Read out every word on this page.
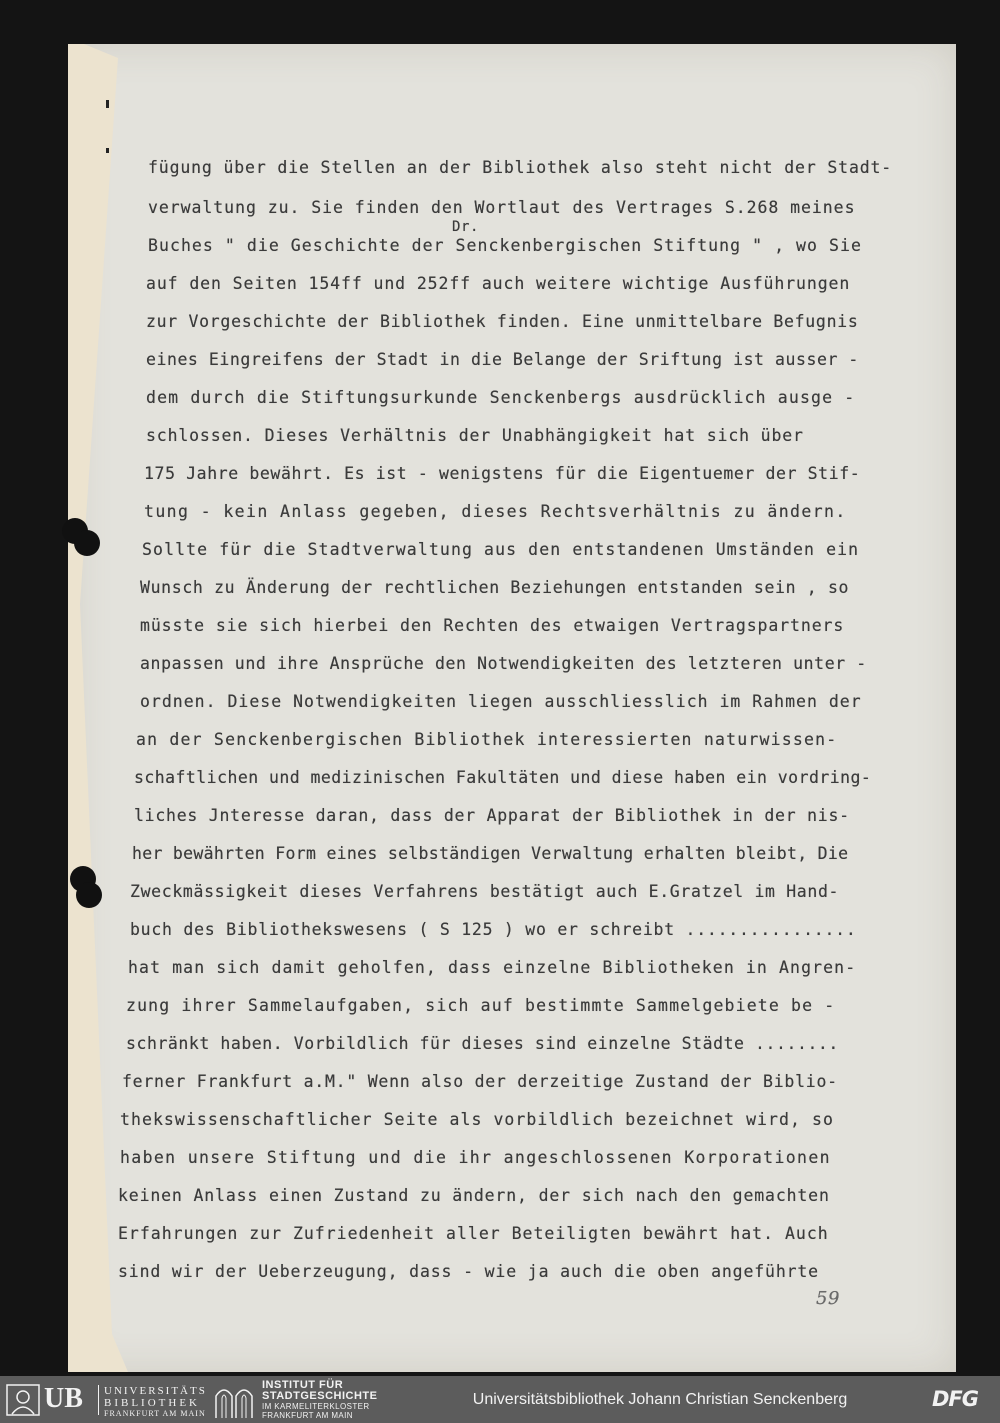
fügung über die Stellen an der Bibliothek also steht nicht der Stadt-
verwaltung zu. Sie finden den Wortlaut des Vertrages S.268 meines
Dr.
Buches " die Geschichte der Senckenbergischen Stiftung " , wo Sie
auf den Seiten 154ff und 252ff auch weitere wichtige Ausführungen
zur Vorgeschichte der Bibliothek finden. Eine unmittelbare Befugnis
eines Eingreifens der Stadt in die Belange der Sriftung ist ausser -
dem durch die Stiftungsurkunde Senckenbergs ausdrücklich ausge -
schlossen. Dieses Verhältnis der Unabhängigkeit hat sich über
175 Jahre bewährt. Es ist - wenigstens für die Eigentuemer der Stif-
tung - kein Anlass gegeben, dieses Rechtsverhältnis zu ändern.
Sollte für die Stadtverwaltung aus den entstandenen Umständen ein
Wunsch zu Änderung der rechtlichen Beziehungen entstanden sein , so
müsste sie sich hierbei den Rechten des etwaigen Vertragspartners
anpassen und ihre Ansprüche den Notwendigkeiten des letzteren unter -
ordnen. Diese Notwendigkeiten liegen ausschliesslich im Rahmen der
an der Senckenbergischen Bibliothek interessierten naturwissen-
schaftlichen und medizinischen Fakultäten und diese haben ein vordring-
liches Jnteresse daran, dass der Apparat der Bibliothek in der nis-
her bewährten Form eines selbständigen Verwaltung erhalten bleibt, Die
Zweckmässigkeit dieses Verfahrens bestätigt auch E.Gratzel im Hand-
buch des Bibliothekswesens ( S 125 ) wo er schreibt ................
hat man sich damit geholfen, dass einzelne Bibliotheken in Angren-
zung ihrer Sammelaufgaben, sich auf bestimmte Sammelgebiete be -
schränkt haben. Vorbildlich für dieses sind einzelne Städte ........
ferner Frankfurt a.M." Wenn also der derzeitige Zustand der Biblio-
thekswissenschaftlicher Seite als vorbildlich bezeichnet wird, so
haben unsere Stiftung und die ihr angeschlossenen Korporationen
keinen Anlass einen Zustand zu ändern, der sich nach den gemachten
Erfahrungen zur Zufriedenheit aller Beteiligten bewährt hat. Auch
sind wir der Ueberzeugung, dass - wie ja auch die oben angeführte
59
UB UNIVERSITÄTS
BIBLIOTHEK
FRANKFURT AM MAIN
INSTITUT FÜR
STADTGESCHICHTE
IM KARMELITERKLOSTER
FRANKFURT AM MAIN
Universitätsbibliothek Johann Christian Senckenberg	DFG
